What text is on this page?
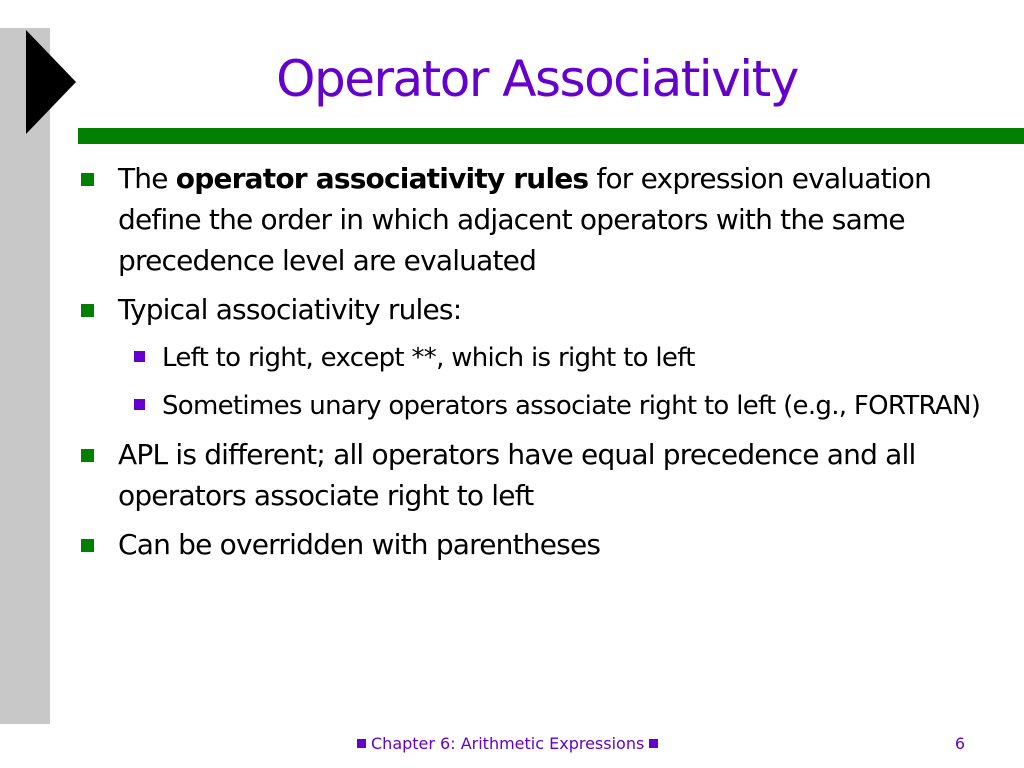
Operator Associativity
The operator associativity rules for expression evaluation define the order in which adjacent operators with the same precedence level are evaluated
Typical associativity rules:
Left to right, except **, which is right to left
Sometimes unary operators associate right to left (e.g., FORTRAN)
APL is different; all operators have equal precedence and all operators associate right to left
Can be overridden with parentheses
Chapter 6: Arithmetic Expressions	6
